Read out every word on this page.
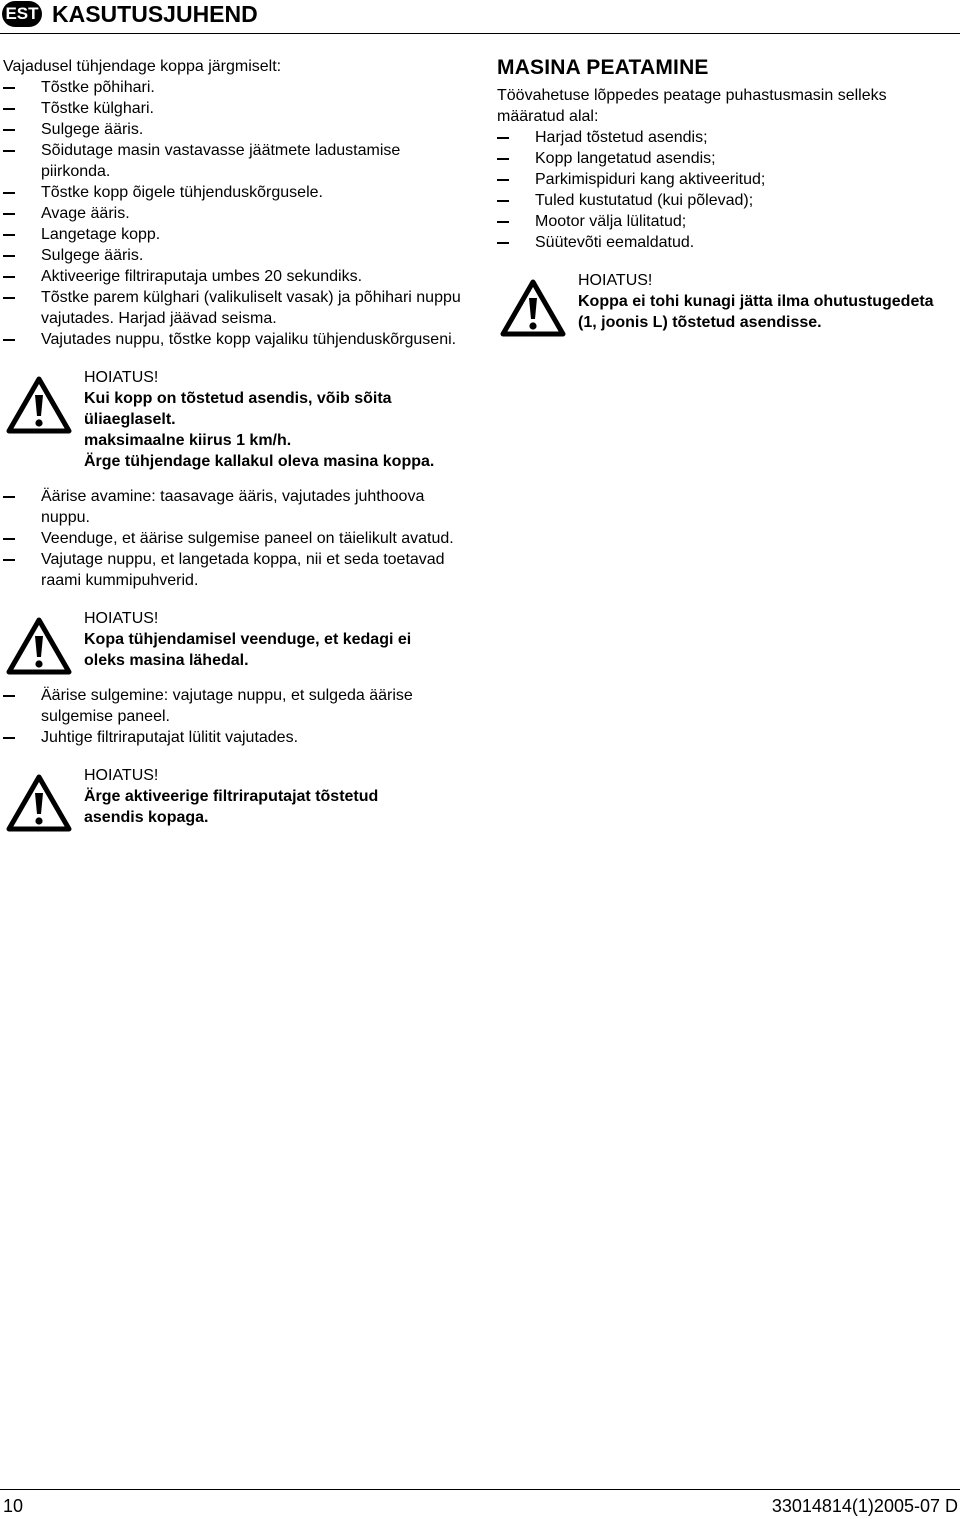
EST KASUTUSJUHEND

Vajadusel tühjendage koppa järgmiselt:

Tõstke põhihari.
Tõstke külghari.
Sulgege ääris.
Sõidutage masin vastavasse jäätmete ladustamise piirkonda.
Tõstke kopp õigele tühjenduskõrgusele.
Avage ääris.
Langetage kopp.
Sulgege ääris.
Aktiveerige filtriraputaja umbes 20 sekundiks.
Tõstke parem külghari (valikuliselt vasak) ja põhihari nuppu vajutades. Harjad jäävad seisma.
Vajutades nuppu, tõstke kopp vajaliku tühjenduskõrguseni.
HOIATUS!
Kui kopp on tõstetud asendis, võib sõita
üliaeglaselt.
maksimaalne kiirus 1 km/h.
Ärge tühjendage kallakul oleva masina koppa.
Äärise avamine: taasavage ääris, vajutades juhthoova nuppu.
Veenduge, et äärise sulgemise paneel on täielikult avatud.
Vajutage nuppu, et langetada koppa, nii et seda toetavad raami kummipuhverid.
HOIATUS!
Kopa tühjendamisel veenduge, et kedagi ei
oleks masina lähedal.
Äärise sulgemine: vajutage nuppu, et sulgeda äärise sulgemise paneel.
Juhtige filtriraputajat lülitit vajutades.
HOIATUS!
Ärge aktiveerige filtriraputajat tõstetud
asendis kopaga.
MASINA PEATAMINE

Töövahetuse lõppedes peatage puhastusmasin selleks määratud alal:

Harjad tõstetud asendis;
Kopp langetatud asendis;
Parkimispiduri kang aktiveeritud;
Tuled kustutatud (kui põlevad);
Mootor välja lülitatud;
Süütevõti eemaldatud.
HOIATUS!
Koppa ei tohi kunagi jätta ilma ohutustugedeta
(1, joonis L) tõstetud asendisse.
10	33014814(1)2005-07 D
